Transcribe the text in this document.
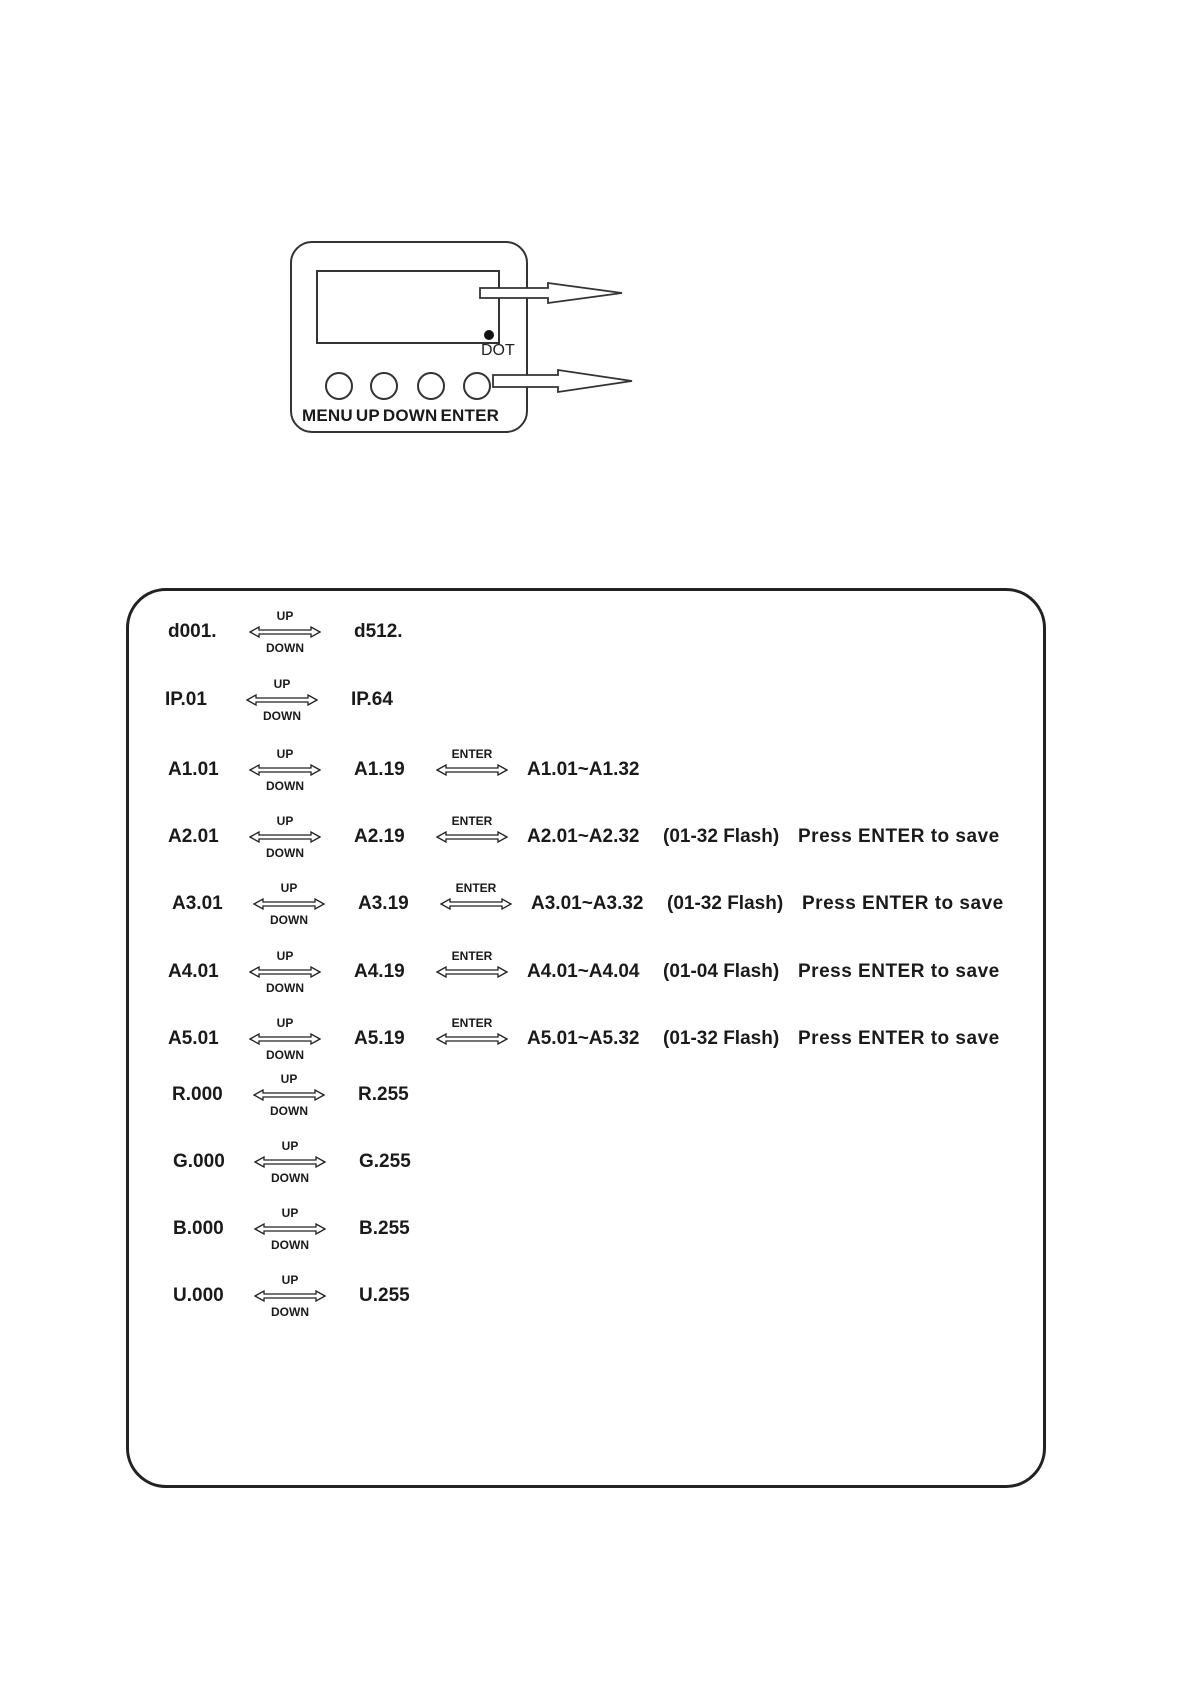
DOT
MENU UP DOWN ENTER
d001.
UP
DOWN
d512.
IP.01
UP
DOWN
IP.64
A1.01
UP
DOWN
A1.19
ENTER
A1.01~A1.32
A2.01
UP
DOWN
A2.19
ENTER
A2.01~A2.32 (01-32 Flash) Press ENTER to save
A3.01
UP
DOWN
A3.19
ENTER
A3.01~A3.32 (01-32 Flash) Press ENTER to save
A4.01
UP
DOWN
A4.19
ENTER
A4.01~A4.04 (01-04 Flash) Press ENTER to save
A5.01
UP
DOWN
A5.19
ENTER
A5.01~A5.32 (01-32 Flash) Press ENTER to save
R.000
UP
DOWN
R.255
G.000
UP
DOWN
G.255
B.000
UP
DOWN
B.255
U.000
UP
DOWN
U.255
